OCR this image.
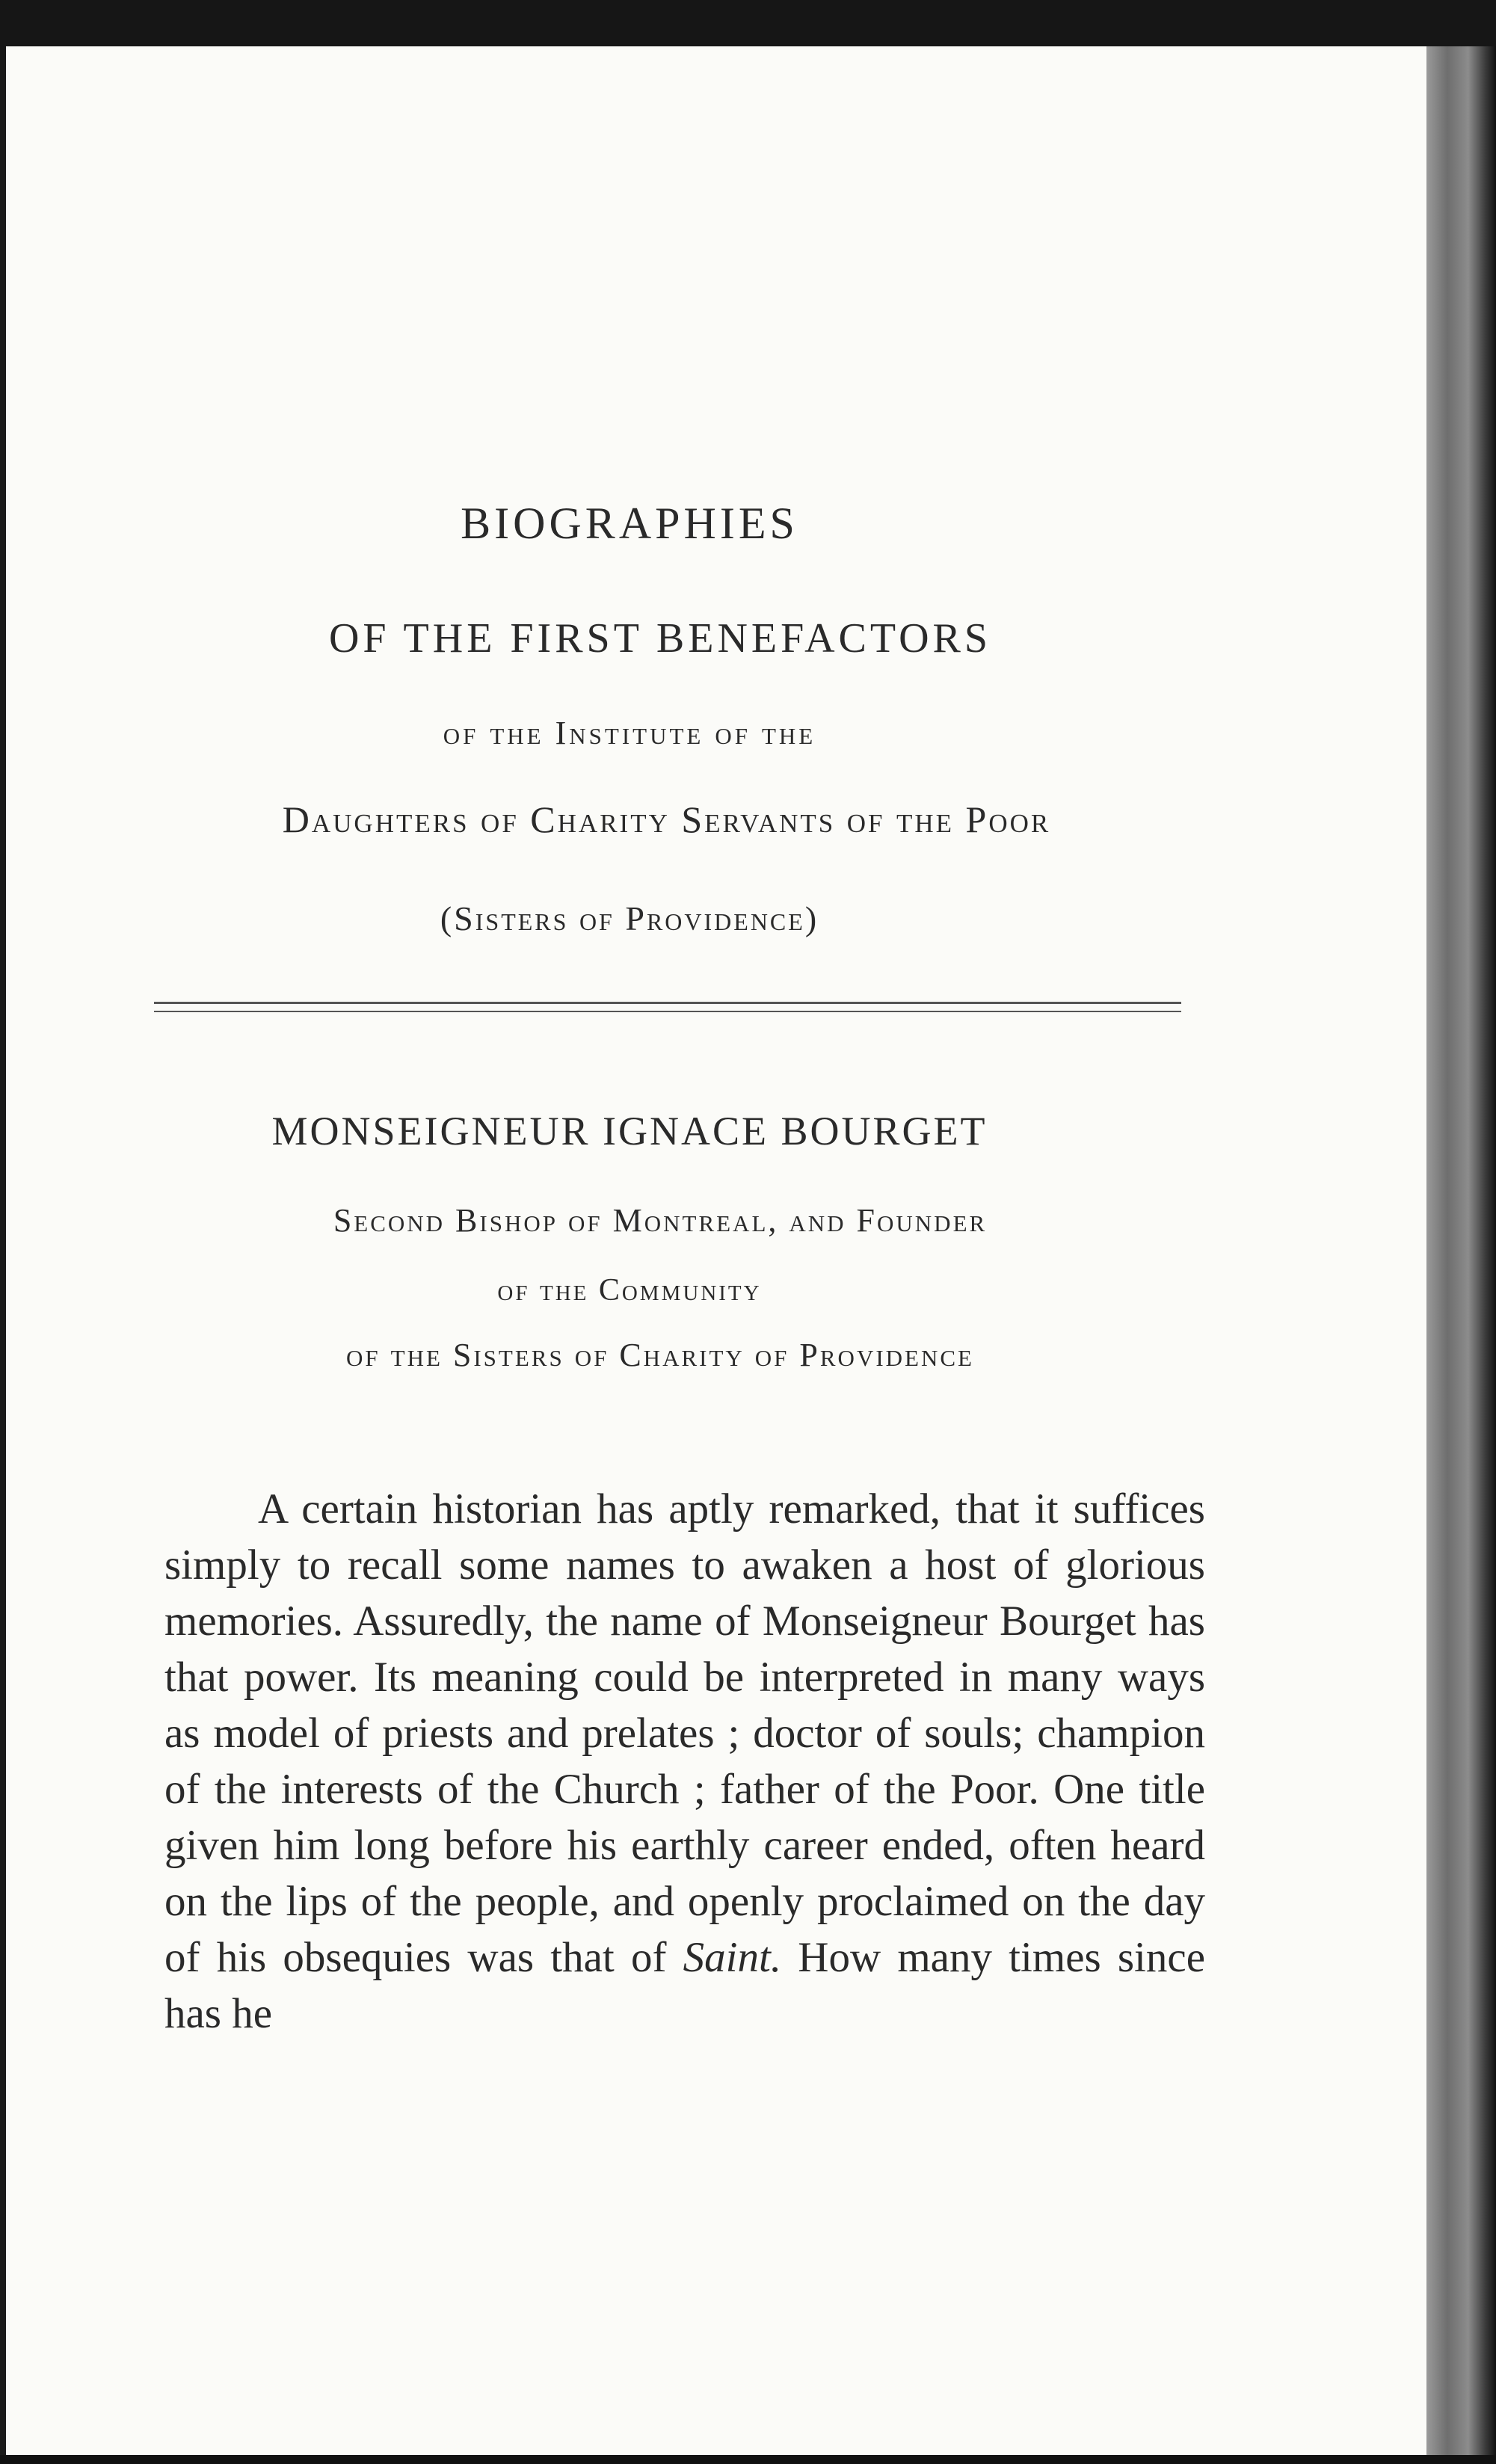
BIOGRAPHIES
OF THE FIRST BENEFACTORS
of the Institute of the
Daughters of Charity Servants of the Poor
(Sisters of Providence)
MONSEIGNEUR IGNACE BOURGET
Second Bishop of Montreal, and Founder
of the Community
of the Sisters of Charity of Providence

A certain historian has aptly remarked, that it suffices simply to recall some names to awaken a host of glorious memories. Assuredly, the name of Monseigneur Bourget has that power. Its meaning could be interpreted in many ways as model of priests and prelates ; doctor of souls; champion of the interests of the Church ; father of the Poor. One title given him long before his earthly career ended, often heard on the lips of the people, and openly proclaimed on the day of his obsequies was that of Saint. How many times since has he
